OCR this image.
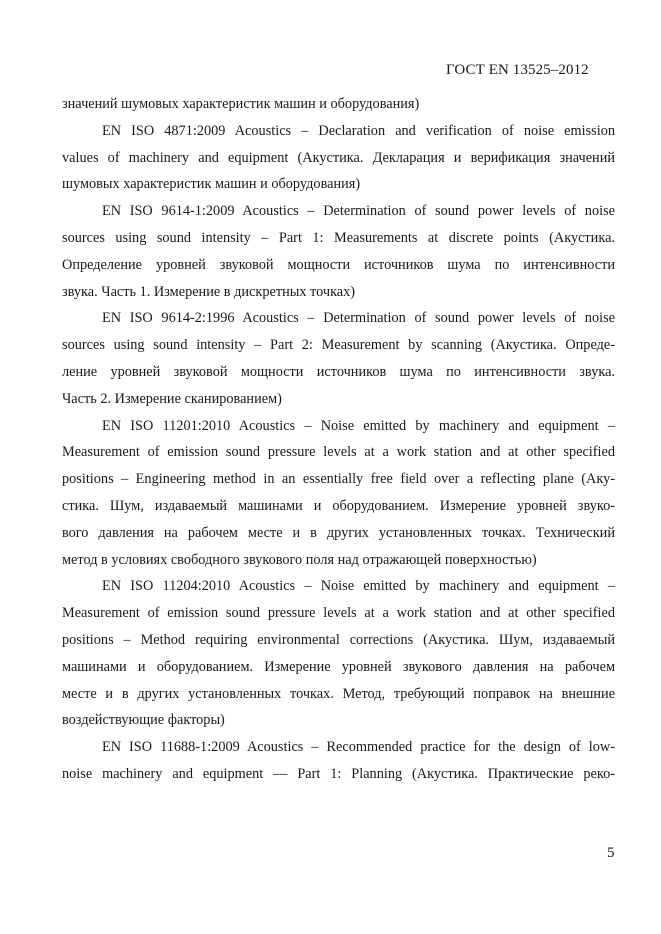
ГОСТ EN 13525–2012
значений шумовых характеристик машин и оборудования)
EN ISO 4871:2009 Acoustics – Declaration and verification of noise emission
values of machinery and equipment (Акустика. Декларация и верификация значений
шумовых характеристик машин и оборудования)
EN ISO 9614-1:2009 Acoustics – Determination of sound power levels of noise
sources using sound intensity – Part 1: Measurements at discrete points (Акустика.
Определение уровней звуковой мощности источников шума по интенсивности
звука. Часть 1. Измерение в дискретных точках)
EN ISO 9614-2:1996 Acoustics – Determination of sound power levels of noise
sources using sound intensity – Part 2: Measurement by scanning (Акустика. Опреде-
ление уровней звуковой мощности источников шума по интенсивности звука.
Часть 2. Измерение сканированием)
EN ISO 11201:2010 Acoustics – Noise emitted by machinery and equipment –
Measurement of emission sound pressure levels at a work station and at other specified
positions – Engineering method in an essentially free field over a reflecting plane (Аку-
стика. Шум, издаваемый машинами и оборудованием. Измерение уровней звуко-
вого давления на рабочем месте и в других установленных точках. Технический
метод в условиях свободного звукового поля над отражающей поверхностью)
EN ISO 11204:2010 Acoustics – Noise emitted by machinery and equipment –
Measurement of emission sound pressure levels at a work station and at other specified
positions – Method requiring environmental corrections (Акустика. Шум, издаваемый
машинами и оборудованием. Измерение уровней звукового давления на рабочем
месте и в других установленных точках. Метод, требующий поправок на внешние
воздействующие факторы)
EN ISO 11688-1:2009 Acoustics – Recommended practice for the design of low-
noise machinery and equipment — Part 1: Planning (Акустика. Практические реко-
5
